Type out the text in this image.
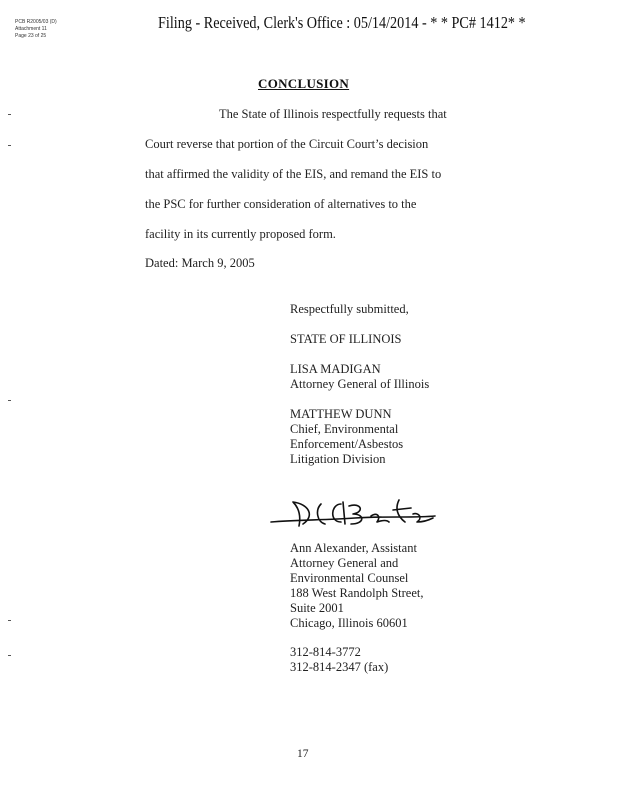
PCB R2005/03 (D)
Attachment 11
Page 23 of 25
Filing - Received, Clerk's Office : 05/14/2014 - * * PC# 1412* *
CONCLUSION
The State of Illinois respectfully requests that
Court reverse that portion of the Circuit Court’s decision
that affirmed the validity of the EIS, and remand the EIS to
the PSC for further consideration of alternatives to the
facility in its currently proposed form.
Dated: March 9, 2005
Respectfully submitted,
STATE OF ILLINOIS
LISA MADIGAN
Attorney General of Illinois
MATTHEW DUNN
Chief, Environmental
Enforcement/Asbestos
Litigation Division
Ann Alexander, Assistant
Attorney General and
Environmental Counsel
188 West Randolph Street,
Suite 2001
Chicago, Illinois 60601
312-814-3772
312-814-2347 (fax)
17
